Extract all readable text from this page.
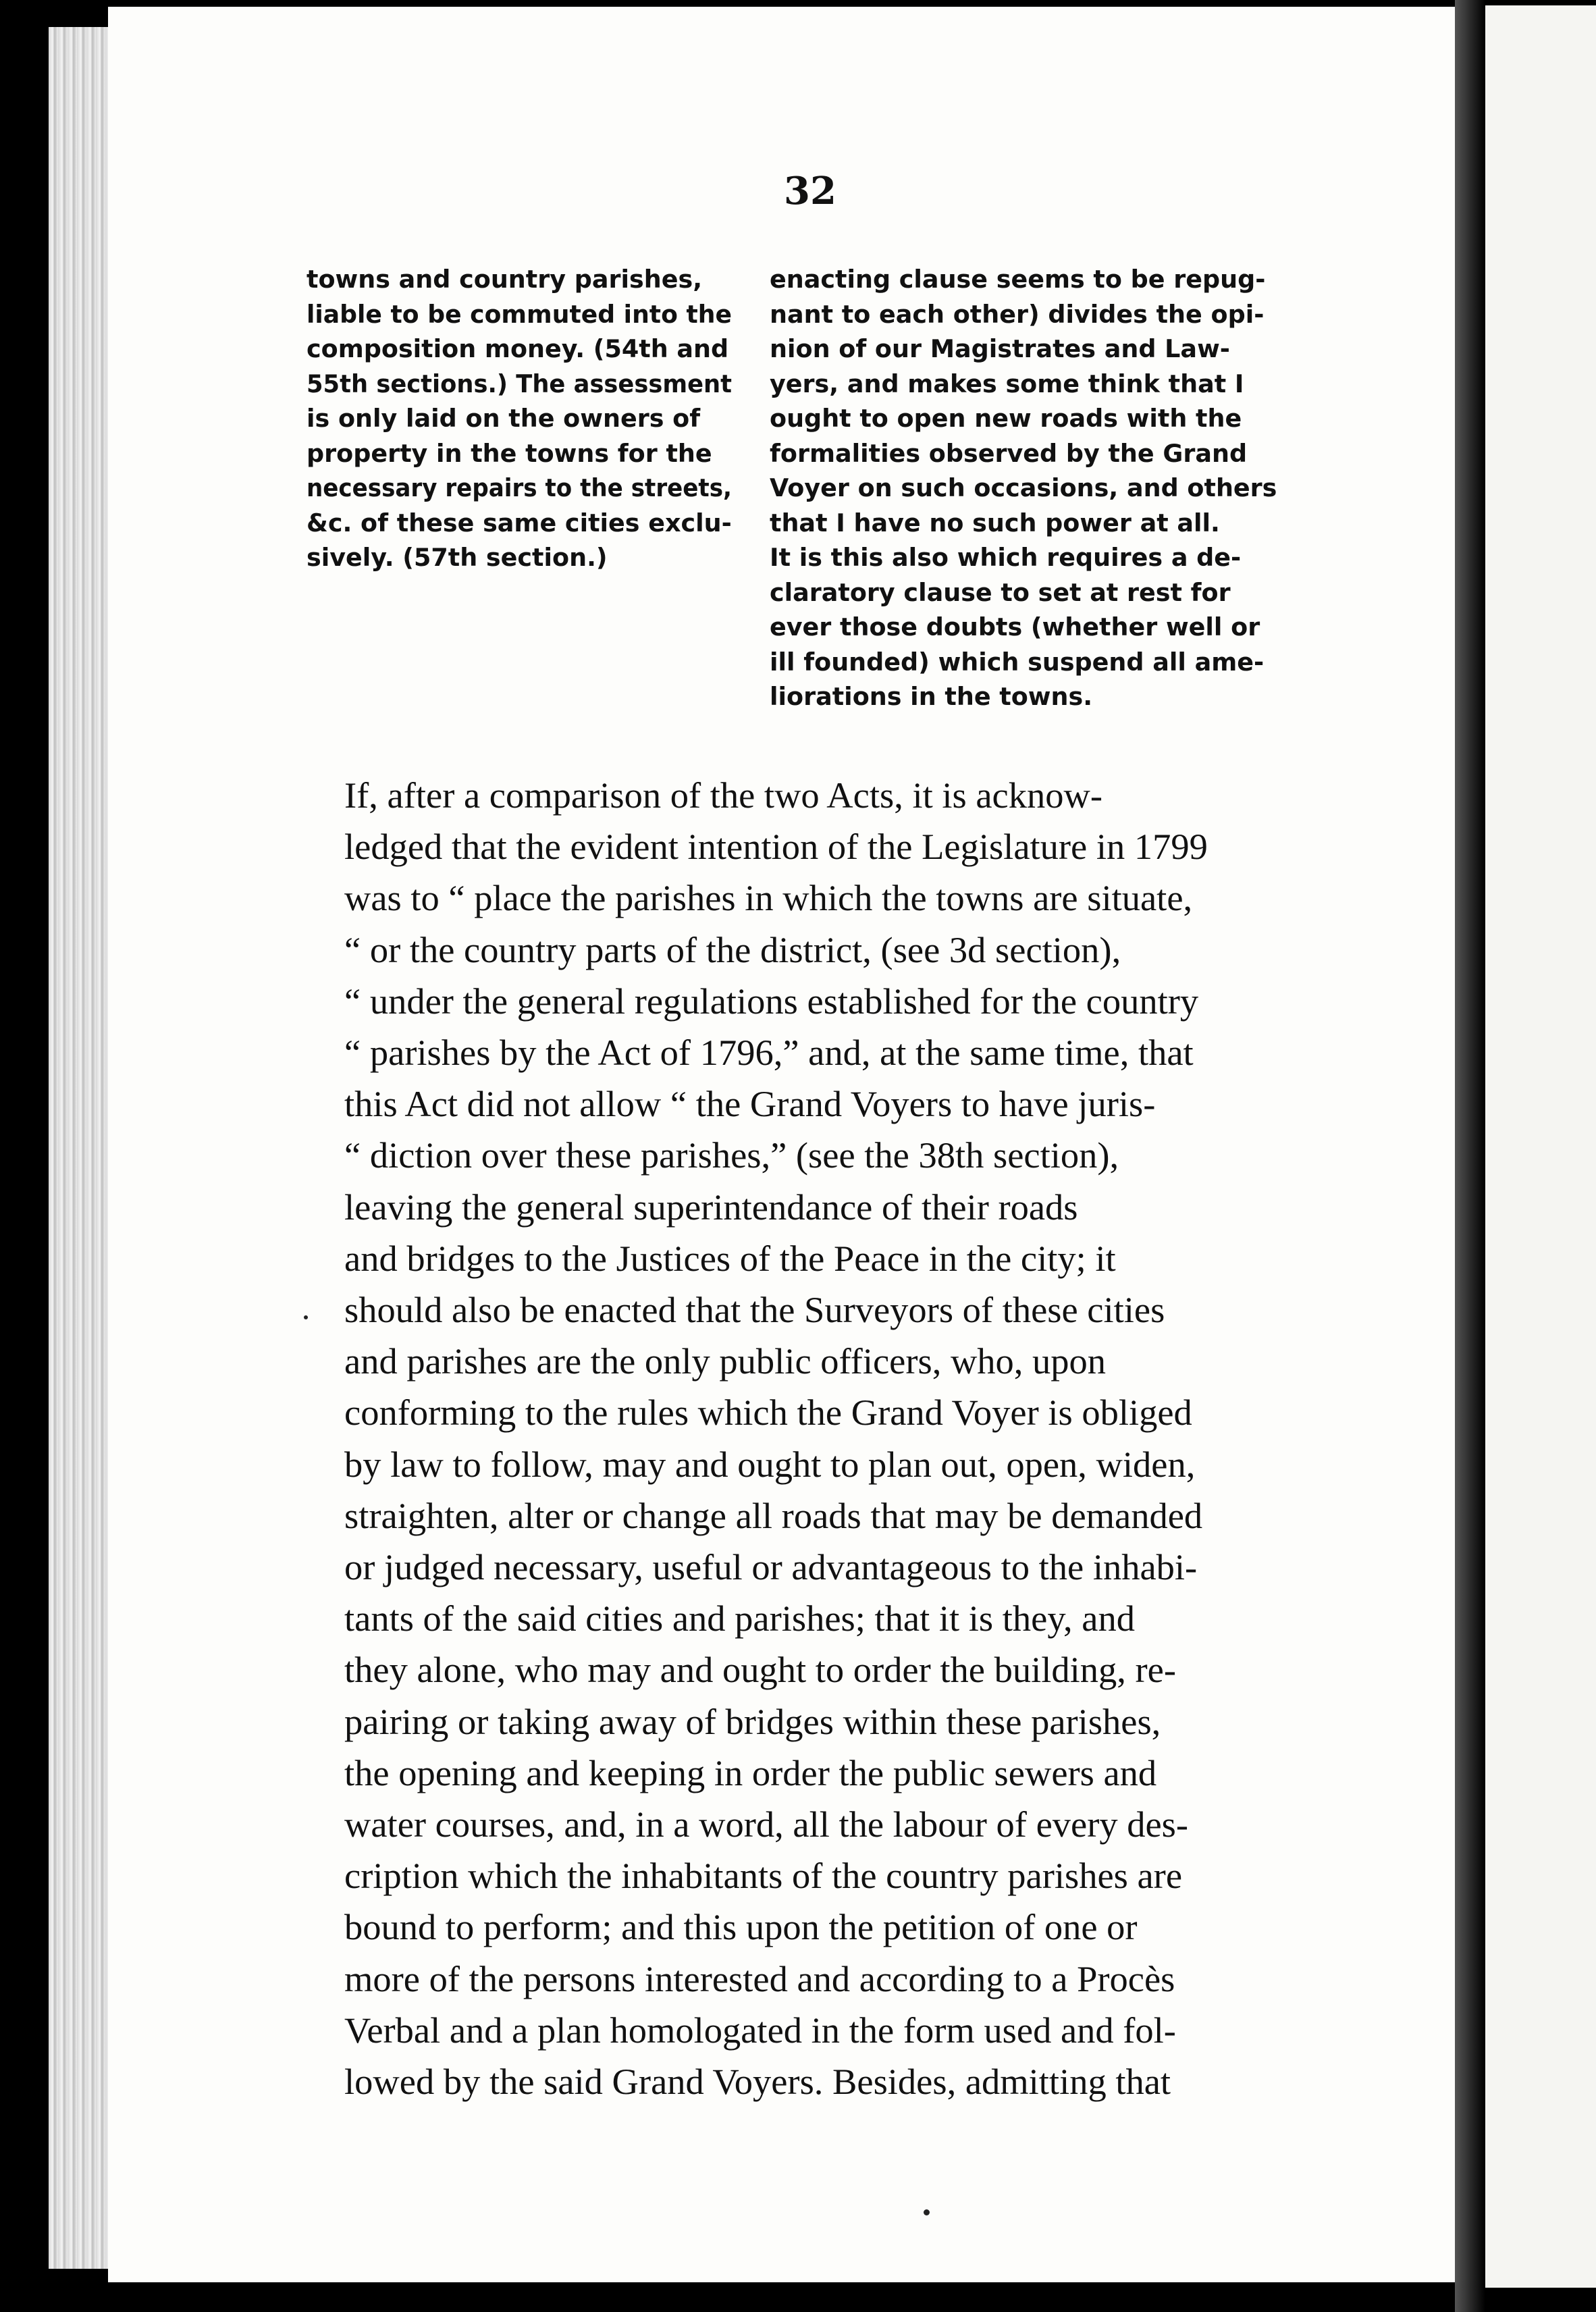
32
towns and country parishes,
liable to be commuted into the
composition money. (54th and
55th sections.) The assessment
is only laid on the owners of
property in the towns for the
necessary repairs to the streets,
&c. of these same cities exclu-
sively. (57th section.)
enacting clause seems to be repug-
nant to each other) divides the opi-
nion of our Magistrates and Law-
yers, and makes some think that I
ought to open new roads with the
formalities observed by the Grand
Voyer on such occasions, and others
that I have no such power at all.
It is this also which requires a de-
claratory clause to set at rest for
ever those doubts (whether well or
ill founded) which suspend all ame-
liorations in the towns.
If, after a comparison of the two Acts, it is acknow-
ledged that the evident intention of the Legislature in 1799
was to “ place the parishes in which the towns are situate,
“ or the country parts of the district, (see 3d section),
“ under the general regulations established for the country
“ parishes by the Act of 1796,” and, at the same time, that
this Act did not allow “ the Grand Voyers to have juris-
“ diction over these parishes,” (see the 38th section),
leaving the general superintendance of their roads
and bridges to the Justices of the Peace in the city; it
should also be enacted that the Surveyors of these cities
and parishes are the only public officers, who, upon
conforming to the rules which the Grand Voyer is obliged
by law to follow, may and ought to plan out, open, widen,
straighten, alter or change all roads that may be demanded
or judged necessary, useful or advantageous to the inhabi-
tants of the said cities and parishes; that it is they, and
they alone, who may and ought to order the building, re-
pairing or taking away of bridges within these parishes,
the opening and keeping in order the public sewers and
water courses, and, in a word, all the labour of every des-
cription which the inhabitants of the country parishes are
bound to perform; and this upon the petition of one or
more of the persons interested and according to a Procès
Verbal and a plan homologated in the form used and fol-
lowed by the said Grand Voyers. Besides, admitting that
